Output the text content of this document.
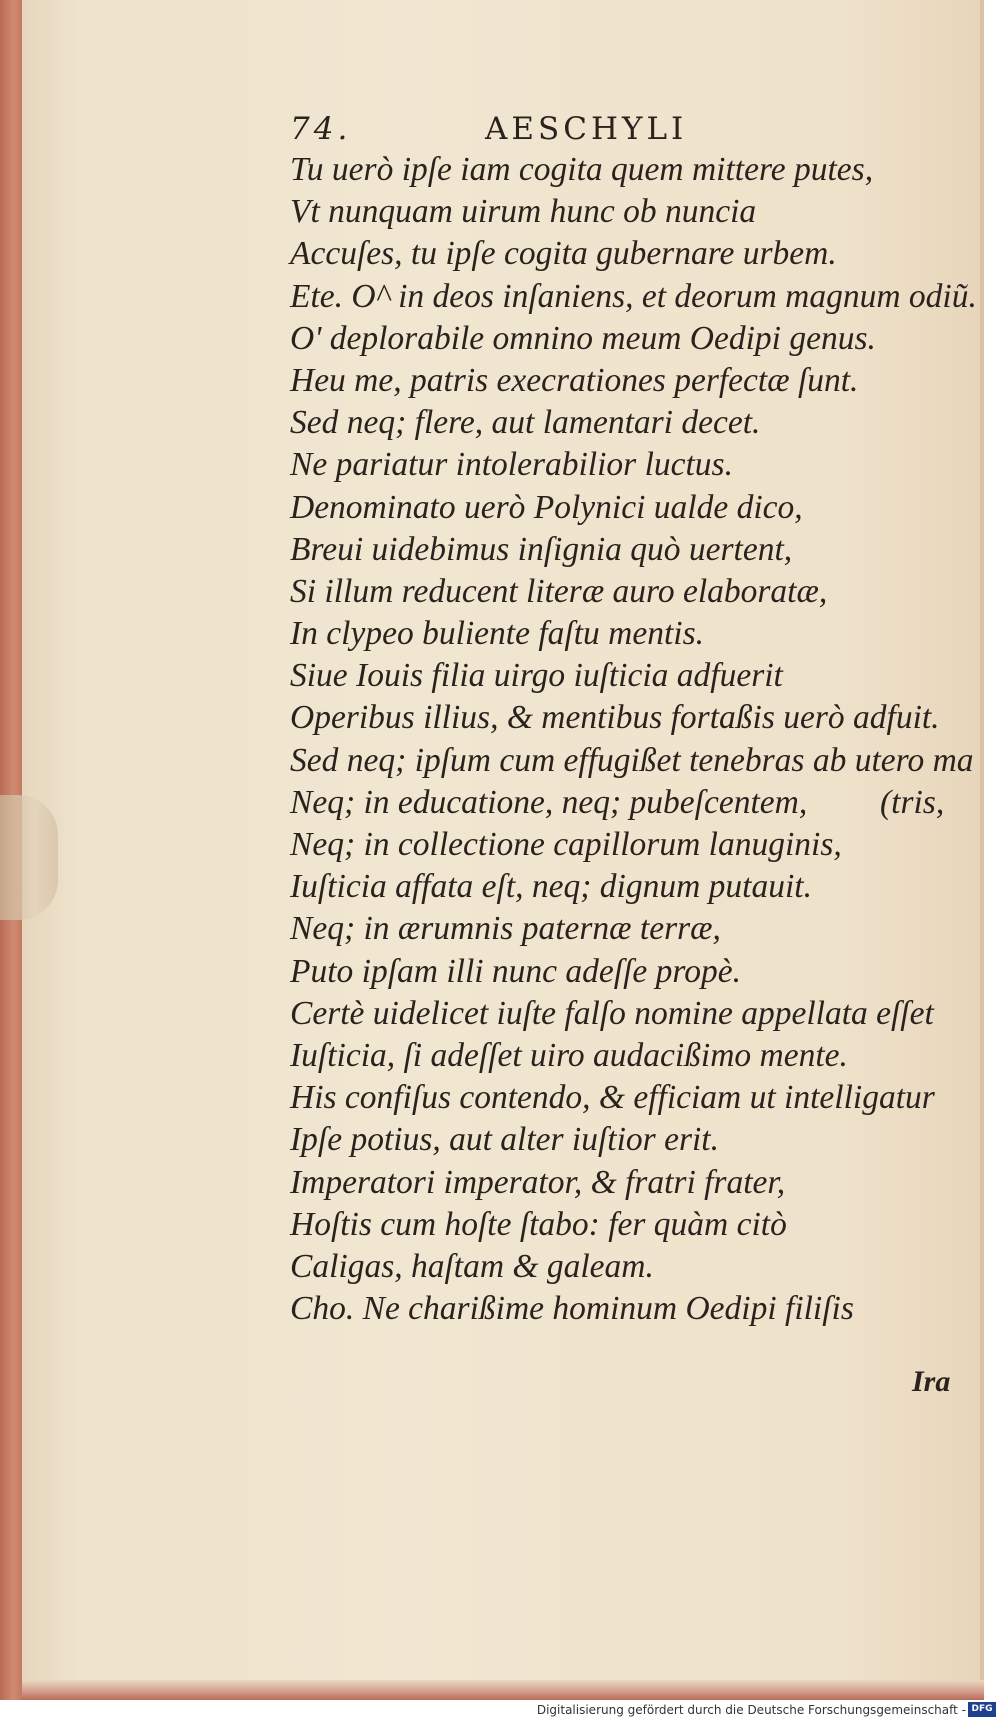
74.	AESCHYLI
Tu uerò ipſe iam cogita quem mittere putes,
Vt nunquam uirum hunc ob nuncia
Accuſes, tu ipſe cogita gubernare urbem.
Ete. O^ in deos inſaniens, et deorum magnum odiũ.
O' deplorabile omnino meum Oedipi genus.
Heu me, patris execrationes perfectæ ſunt.
Sed neq; flere, aut lamentari decet.
Ne pariatur intolerabilior luctus.
Denominato uerò Polynici ualde dico,
Breui uidebimus inſignia quò uertent,
Si illum reducent literæ auro elaboratæ,
In clypeo buliente faſtu mentis.
Siue Iouis filia uirgo iuſticia adfuerit
Operibus illius, & mentibus fortaßis uerò adfuit.
Sed neq; ipſum cum effugißet tenebras ab utero ma
Neq; in educatione, neq; pubeſcentem, (tris,
Neq; in collectione capillorum lanuginis,
Iuſticia affata eſt, neq; dignum putauit.
Neq; in ærumnis paternæ terræ,
Puto ipſam illi nunc adeſſe propè.
Certè uidelicet iuſte falſo nomine appellata eſſet
Iuſticia, ſi adeſſet uiro audacißimo mente.
His confiſus contendo, & efficiam ut intelligatur
Ipſe potius, aut alter iuſtior erit.
Imperatori imperator, & fratri frater,
Hoſtis cum hoſte ſtabo: fer quàm citò
Caligas, haſtam & galeam.
Cho. Ne charißime hominum Oedipi filiſis
Ira
Digitalisierung gefördert durch die Deutsche Forschungsgemeinschaft - DFG
